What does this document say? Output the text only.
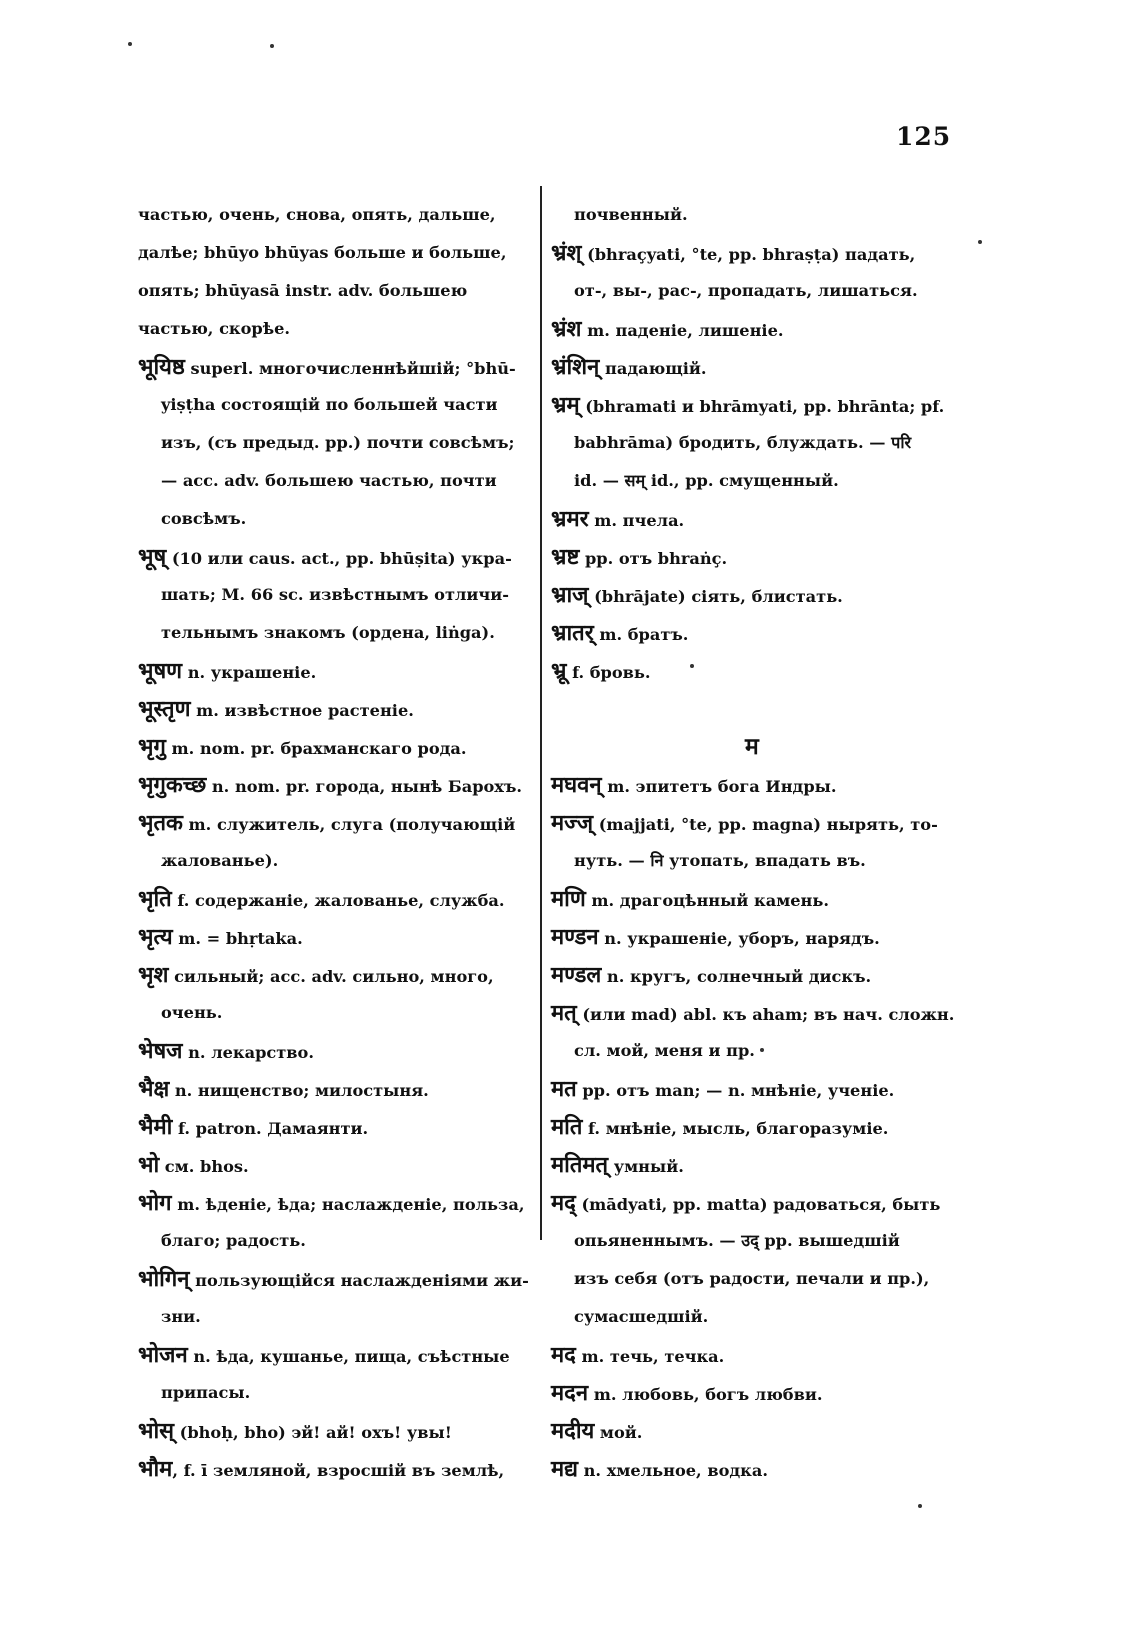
125
частью, очень, снова, опять, дальше,
далѣе; bhūyo bhūyas больше и больше,
опять; bhūyasā instr. adv. большею
частью, скорѣе.
भूयिष्ठ superl. многочисленнѣйшій; °bhū-
yiṣṭha состоящій по большей части
изъ, (съ предыд. pp.) почти совсѣмъ;
— acc. adv. большею частью, почти
совсѣмъ.
भूष् (10 или caus. act., pp. bhūṣita) укра-
шать; M. 66 sc. извѣстнымъ отличи-
тельнымъ знакомъ (ордена, liṅga).
भूषण n. украшеніе.
भूस्तृण m. извѣстное растеніе.
भृगु m. nom. pr. брахманскаго рода.
भृगुकच्छ n. nom. pr. города, нынѣ Барохъ.
भृतक m. служитель, слуга (получающій
жалованье).
भृति f. содержаніе, жалованье, служба.
भृत्य m. = bhṛtaka.
भृश сильный; acc. adv. сильно, много,
очень.
भेषज n. лекарство.
भैक्ष n. нищенство; милостыня.
भैमी f. patron. Дамаянти.
भो см. bhos.
भोग m. ѣденіе, ѣда; наслажденіе, польза,
благо; радость.
भोगिन् пользующійся наслажденіями жи-
зни.
भोजन n. ѣда, кушанье, пища, съѣстные
припасы.
भोस् (bhoḥ, bho) эй! ай! охъ! увы!
भौम, f. ī земляной, взросшій въ землѣ,
почвенный.
भ्रंश् (bhraçyati, °te, pp. bhraṣṭa) падать,
от-, вы-, рас-, пропадать, лишаться.
भ्रंश m. паденіе, лишеніе.
भ्रंशिन् падающій.
भ्रम् (bhramati и bhrāmyati, pp. bhrānta; pf.
babhrāma) бродить, блуждать. — परि
id. — सम् id., pp. смущенный.
भ्रमर m. пчела.
भ्रष्ट pp. отъ bhraṅç.
भ्राज् (bhrājate) сіять, блистать.
भ्रातर् m. братъ.
भ्रू f. бровь.
म
मघवन् m. эпитетъ бога Индры.
मज्ज् (majjati, °te, pp. magna) нырять, то-
нуть. — नि утопать, впадать въ.
मणि m. драгоцѣнный камень.
मण्डन n. украшеніе, уборъ, нарядъ.
मण्डल n. кругъ, солнечный дискъ.
मत् (или mad) abl. къ aham; въ нач. сложн.
сл. мой, меня и пр.
मत pp. отъ man; — n. мнѣніе, ученіе.
मति f. мнѣніе, мысль, благоразуміе.
मतिमत् умный.
मद् (mādyati, pp. matta) радоваться, быть
опьяненнымъ. — उद् pp. вышедшій
изъ себя (отъ радости, печали и пр.),
сумасшедшій.
मद m. течь, течка.
मदन m. любовь, богъ любви.
मदीय мой.
मद्य n. хмельное, водка.
